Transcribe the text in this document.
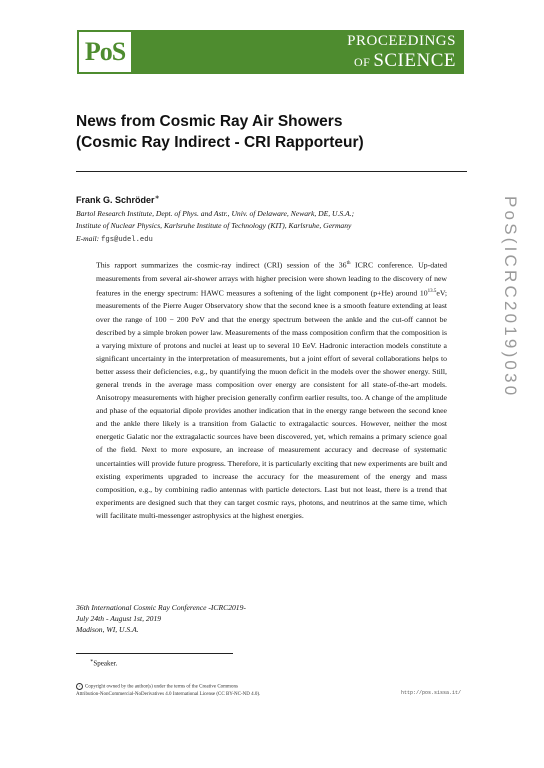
PoS	PROCEEDINGS
OF SCIENCE
News from Cosmic Ray Air Showers
(Cosmic Ray Indirect - CRI Rapporteur)
Frank G. Schröder∗
Bartol Research Institute, Dept. of Phys. and Astr., Univ. of Delaware, Newark, DE, U.S.A.;
Institute of Nuclear Physics, Karlsruhe Institute of Technology (KIT), Karlsruhe, Germany
E-mail: fgs@udel.edu
This rapport summarizes the cosmic-ray indirect (CRI) session of the 36th ICRC conference. Up-dated measurements from several air-shower arrays with higher precision were shown leading to the discovery of new features in the energy spectrum: HAWC measures a softening of the light component (p+He) around $10^{13.5}eV$; measurements of the Pierre Auger Observatory show that the second knee is a smooth feature extending at least over the range of 100 − 200 PeV and that the energy spectrum between the ankle and the cut-off cannot be described by a simple broken power law. Measurements of the mass composition confirm that the composition is a varying mixture of protons and nuclei at least up to several 10 EeV. Hadronic interaction models constitute a significant uncertainty in the interpretation of measurements, but a joint effort of several collaborations helps to better assess their deficiencies, e.g., by quantifying the muon deficit in the models over the shower energy. Still, general trends in the average mass composition over energy are consistent for all state-of-the-art models. Anisotropy measurements with higher precision generally confirm earlier results, too. A change of the amplitude and phase of the equatorial dipole provides another indication that in the energy range between the second knee and the ankle there likely is a transition from Galactic to extragalactic sources. However, neither the most energetic Galatic nor the extragalactic sources have been discovered, yet, which remains a primary science goal of the field. Next to more exposure, an increase of measurement accuracy and decrease of systematic uncertainties will provide future progress. Therefore, it is particularly exciting that new experiments are built and existing experiments upgraded to increase the accuracy for the measurement of the energy and mass composition, e.g., by combining radio antennas with particle detectors. Last but not least, there is a trend that experiments are designed such that they can target cosmic rays, photons, and neutrinos at the same time, which will facilitate multi-messenger astrophysics at the highest energies.
36th International Cosmic Ray Conference -ICRC2019-
July 24th - August 1st, 2019
Madison, WI, U.S.A.
∗Speaker.
c Copyright owned by the author(s) under the terms of the Creative Commons
Attribution-NonCommercial-NoDerivatives 4.0 International License (CC BY-NC-ND 4.0).	http://pos.sissa.it/
PoS(ICRC2019)030
